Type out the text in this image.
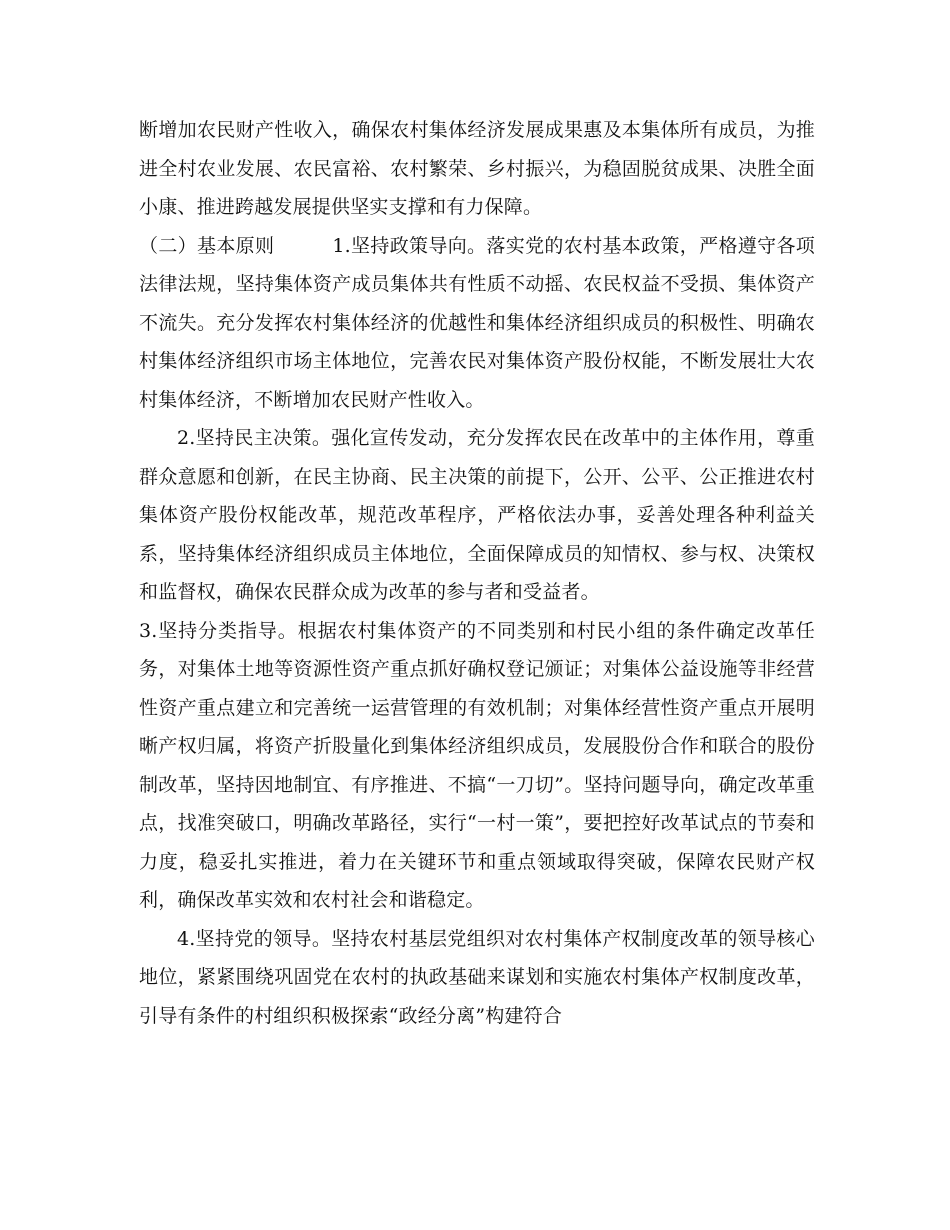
断增加农民财产性收入，确保农村集体经济发展成果惠及本集体所有成员，为推进全村农业发展、农民富裕、农村繁荣、乡村振兴，为稳固脱贫成果、决胜全面小康、推进跨越发展提供坚实支撑和有力保障。

（二）基本原则　　　1.坚持政策导向。落实党的农村基本政策，严格遵守各项法律法规，坚持集体资产成员集体共有性质不动摇、农民权益不受损、集体资产不流失。充分发挥农村集体经济的优越性和集体经济组织成员的积极性、明确农村集体经济组织市场主体地位，完善农民对集体资产股份权能，不断发展壮大农村集体经济，不断增加农民财产性收入。

2.坚持民主决策。强化宣传发动，充分发挥农民在改革中的主体作用，尊重群众意愿和创新，在民主协商、民主决策的前提下，公开、公平、公正推进农村集体资产股份权能改革，规范改革程序，严格依法办事，妥善处理各种利益关系，坚持集体经济组织成员主体地位，全面保障成员的知情权、参与权、决策权和监督权，确保农民群众成为改革的参与者和受益者。

3.坚持分类指导。根据农村集体资产的不同类别和村民小组的条件确定改革任务，对集体土地等资源性资产重点抓好确权登记颁证；对集体公益设施等非经营性资产重点建立和完善统一运营管理的有效机制；对集体经营性资产重点开展明晰产权归属，将资产折股量化到集体经济组织成员，发展股份合作和联合的股份制改革，坚持因地制宜、有序推进、不搞“一刀切”。坚持问题导向，确定改革重点，找准突破口，明确改革路径，实行“一村一策”，要把控好改革试点的节奏和力度，稳妥扎实推进，着力在关键环节和重点领域取得突破，保障农民财产权利，确保改革实效和农村社会和谐稳定。

4.坚持党的领导。坚持农村基层党组织对农村集体产权制度改革的领导核心地位，紧紧围绕巩固党在农村的执政基础来谋划和实施农村集体产权制度改革，引导有条件的村组织积极探索“政经分离”构建符合
